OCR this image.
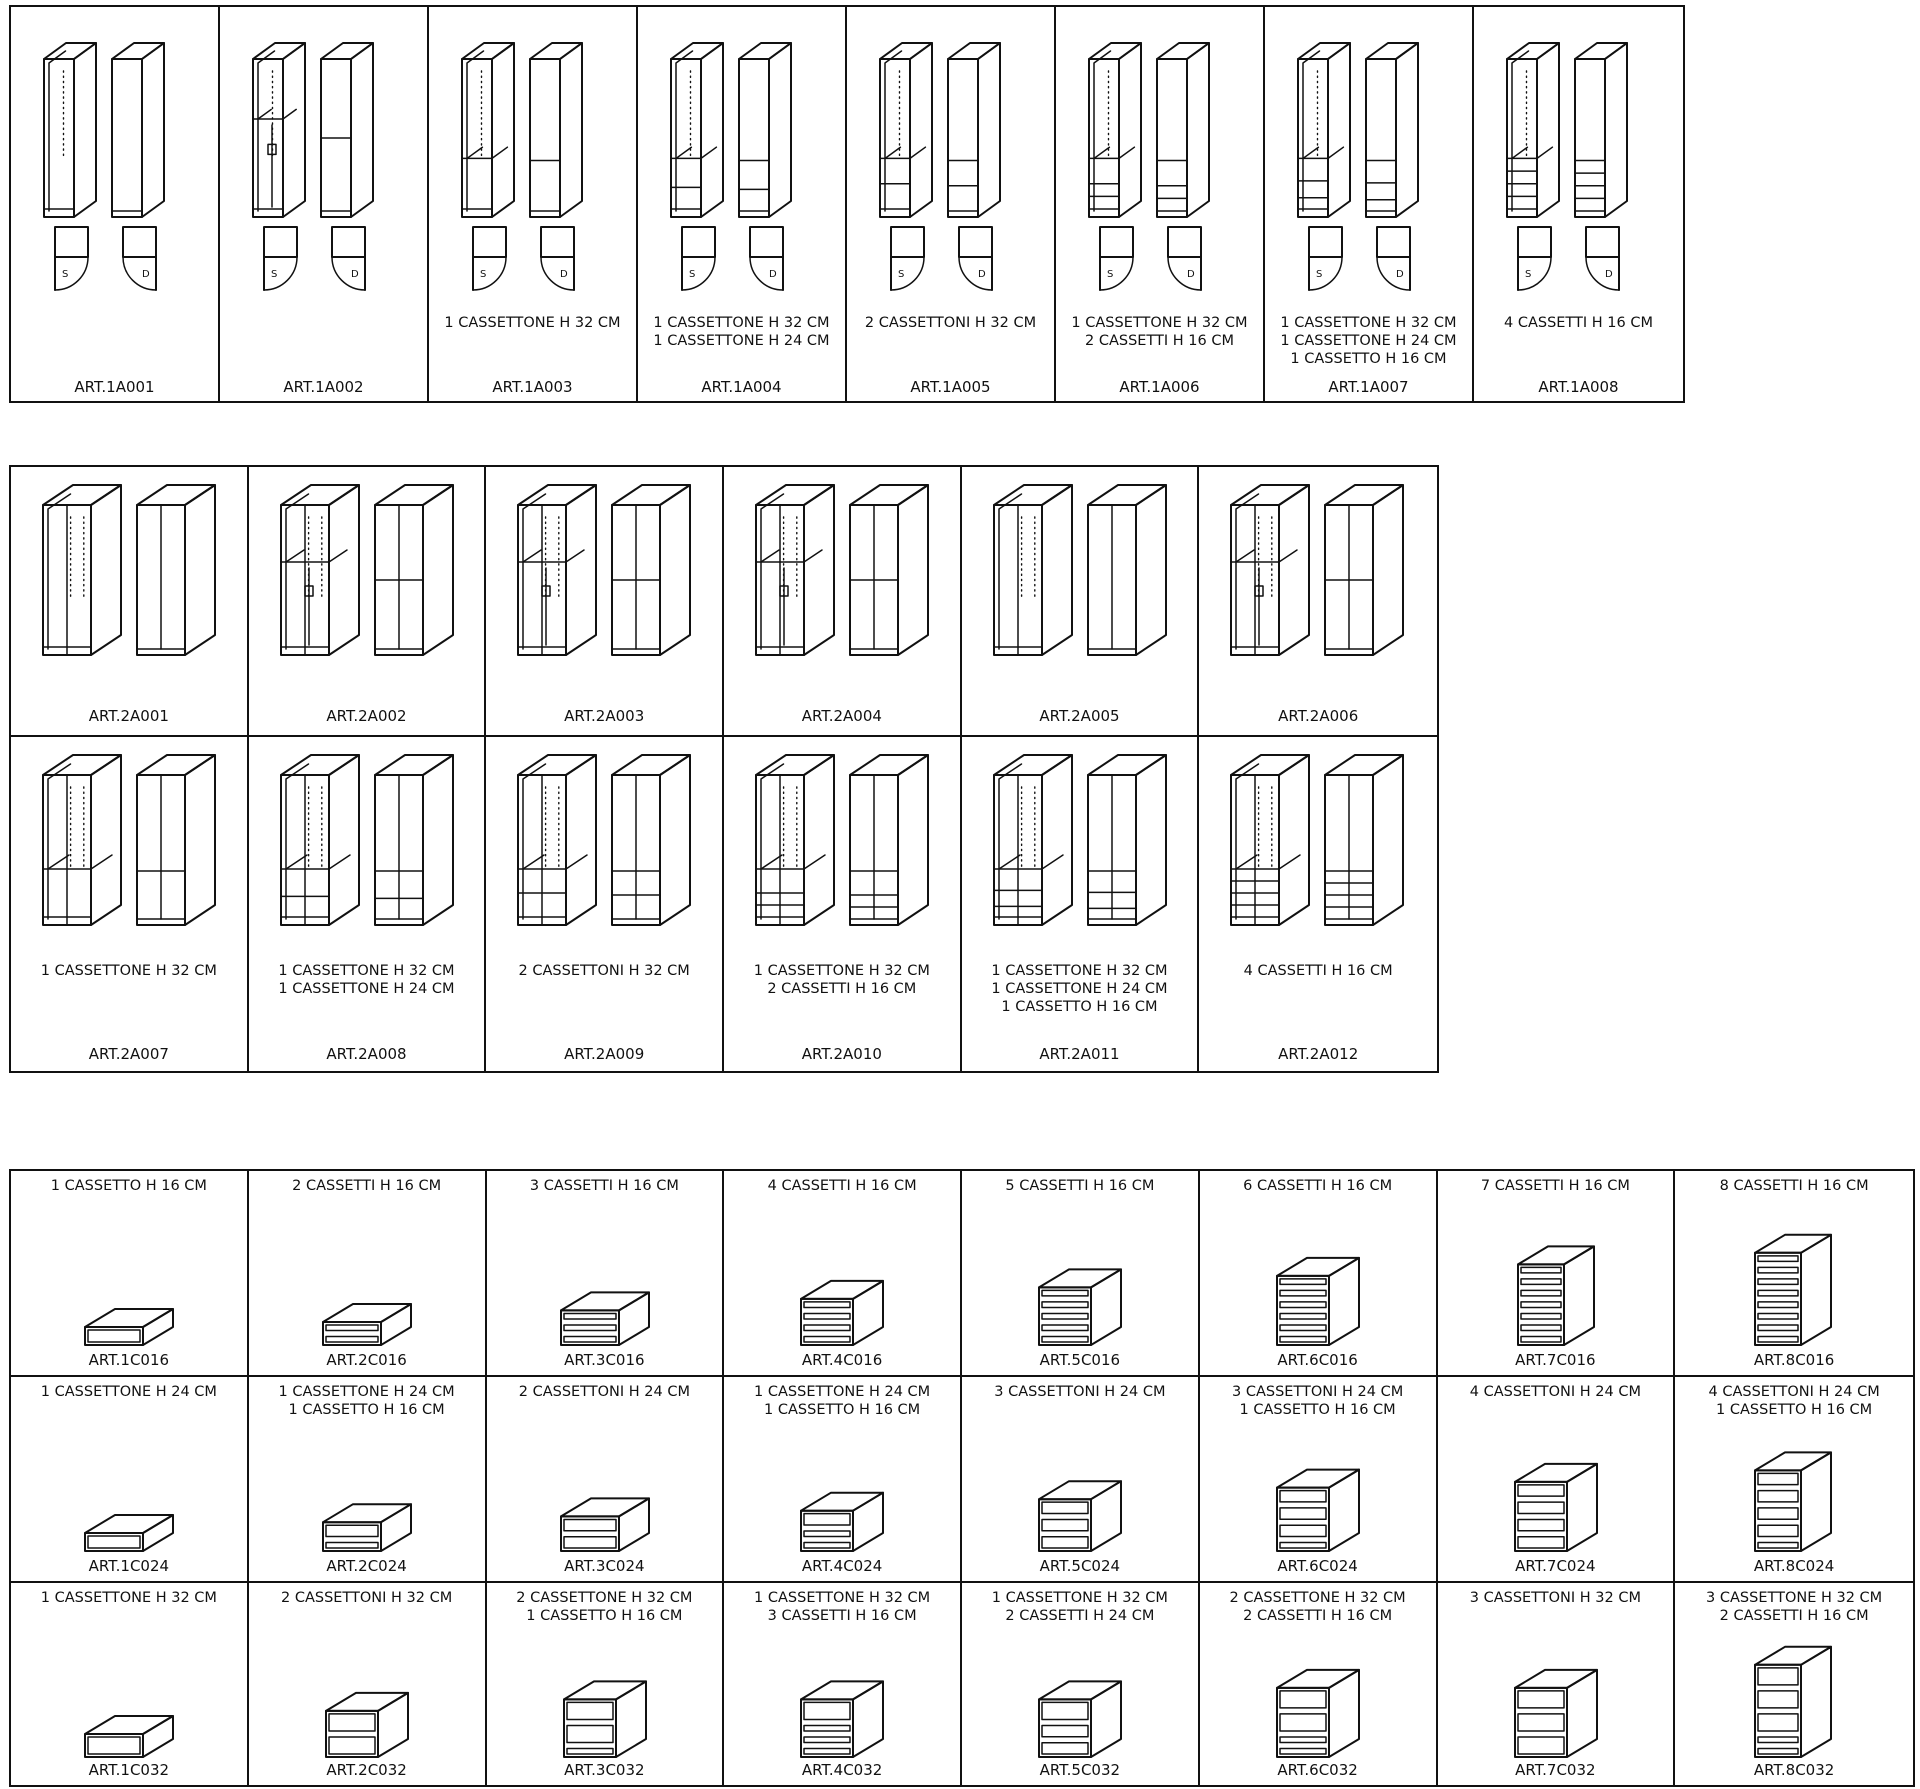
S	D
ART.1A001
S	D
ART.1A002
S	D
1 CASSETTONE H 32 CM
ART.1A003
S	D
1 CASSETTONE H 32 CM
1 CASSETTONE H 24 CM
ART.1A004
S	D
2 CASSETTONI H 32 CM
ART.1A005
S	D
1 CASSETTONE H 32 CM
2 CASSETTI H 16 CM
ART.1A006
S	D
1 CASSETTONE H 32 CM
1 CASSETTONE H 24 CM
1 CASSETTO H 16 CM
ART.1A007
S	D
4 CASSETTI H 16 CM
ART.1A008
ART.2A001	ART.2A002	ART.2A003	ART.2A004	ART.2A005	ART.2A006
1 CASSETTONE H 32 CM
ART.2A007
1 CASSETTONE H 32 CM
1 CASSETTONE H 24 CM
ART.2A008
2 CASSETTONI H 32 CM
ART.2A009
1 CASSETTONE H 32 CM
2 CASSETTI H 16 CM
ART.2A010
1 CASSETTONE H 32 CM
1 CASSETTONE H 24 CM
1 CASSETTO H 16 CM
ART.2A011
4 CASSETTI H 16 CM
ART.2A012
1 CASSETTO H 16 CM
ART.1C016
2 CASSETTI H 16 CM
ART.2C016
3 CASSETTI H 16 CM
ART.3C016
4 CASSETTI H 16 CM
ART.4C016
5 CASSETTI H 16 CM
ART.5C016
6 CASSETTI H 16 CM
ART.6C016
7 CASSETTI H 16 CM
ART.7C016
8 CASSETTI H 16 CM
ART.8C016
1 CASSETTONE H 24 CM
ART.1C024
1 CASSETTONE H 24 CM
1 CASSETTO H 16 CM
ART.2C024
2 CASSETTONI H 24 CM
ART.3C024
1 CASSETTONE H 24 CM
1 CASSETTO H 16 CM
ART.4C024
3 CASSETTONI H 24 CM
ART.5C024
3 CASSETTONI H 24 CM
1 CASSETTO H 16 CM
ART.6C024
4 CASSETTONI H 24 CM
ART.7C024
4 CASSETTONI H 24 CM
1 CASSETTO H 16 CM
ART.8C024
1 CASSETTONE H 32 CM
ART.1C032
2 CASSETTONI H 32 CM
ART.2C032
2 CASSETTONE H 32 CM
1 CASSETTO H 16 CM
ART.3C032
1 CASSETTONE H 32 CM
3 CASSETTI H 16 CM
ART.4C032
1 CASSETTONE H 32 CM
2 CASSETTI H 24 CM
ART.5C032
2 CASSETTONE H 32 CM
2 CASSETTI H 16 CM
ART.6C032
3 CASSETTONI H 32 CM
ART.7C032
3 CASSETTONE H 32 CM
2 CASSETTI H 16 CM
ART.8C032
